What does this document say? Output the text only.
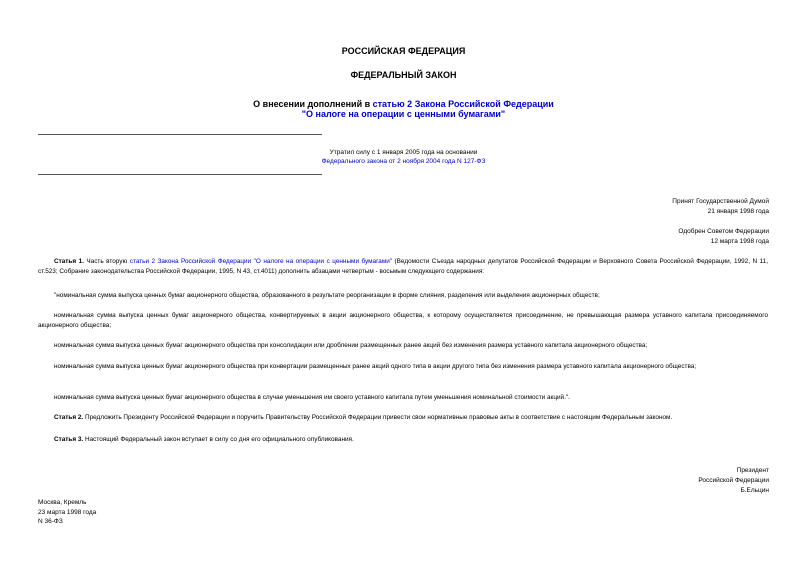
РОССИЙСКАЯ ФЕДЕРАЦИЯ
ФЕДЕРАЛЬНЫЙ ЗАКОН
О внесении дополнений в статью 2 Закона Российской Федерации
"О налоге на операции с ценными бумагами"
Утратил силу с 1 января 2005 года на основании
Федерального закона от 2 ноября 2004 года N 127-ФЗ
Принят Государственной Думой
21 января 1998 года
Одобрен Советом Федерации
12 марта 1998 года
Статья 1. Часть вторую статьи 2 Закона Российской Федерации "О налоге на операции с ценными бумагами" (Ведомости Съезда народных депутатов Российской Федерации и Верховного Совета Российской Федерации, 1992, N 11, ст.523; Собрание законодательства Российской Федерации, 1995, N 43, ст.4011) дополнить абзацами четвертым - восьмым следующего содержания:
"номинальная сумма выпуска ценных бумаг акционерного общества, образованного в результате реорганизации в форме слияния, разделения или выделения акционерных обществ;
номинальная сумма выпуска ценных бумаг акционерного общества, конвертируемых в акции акционерного общества, к которому осуществляется присоединение, не превышающая размера уставного капитала присоединяемого акционерного общества;
номинальная сумма выпуска ценных бумаг акционерного общества при консолидации или дроблении размещенных ранее акций без изменения размера уставного капитала акционерного общества;
номинальная сумма выпуска ценных бумаг акционерного общества при конвертации размещенных ранее акций одного типа в акции другого типа без изменения размера уставного капитала акционерного общества;
номинальная сумма выпуска ценных бумаг акционерного общества в случае уменьшения им своего уставного капитала путем уменьшения номинальной стоимости акций.".
Статья 2. Предложить Президенту Российской Федерации и поручить Правительству Российской Федерации привести свои нормативные правовые акты в соответствие с настоящим Федеральным законом.
Статья 3. Настоящий Федеральный закон вступает в силу со дня его официального опубликования.
Президент
Российской Федерации
Б.Ельцин
Москва, Кремль
23 марта 1998 года
N 36-ФЗ
